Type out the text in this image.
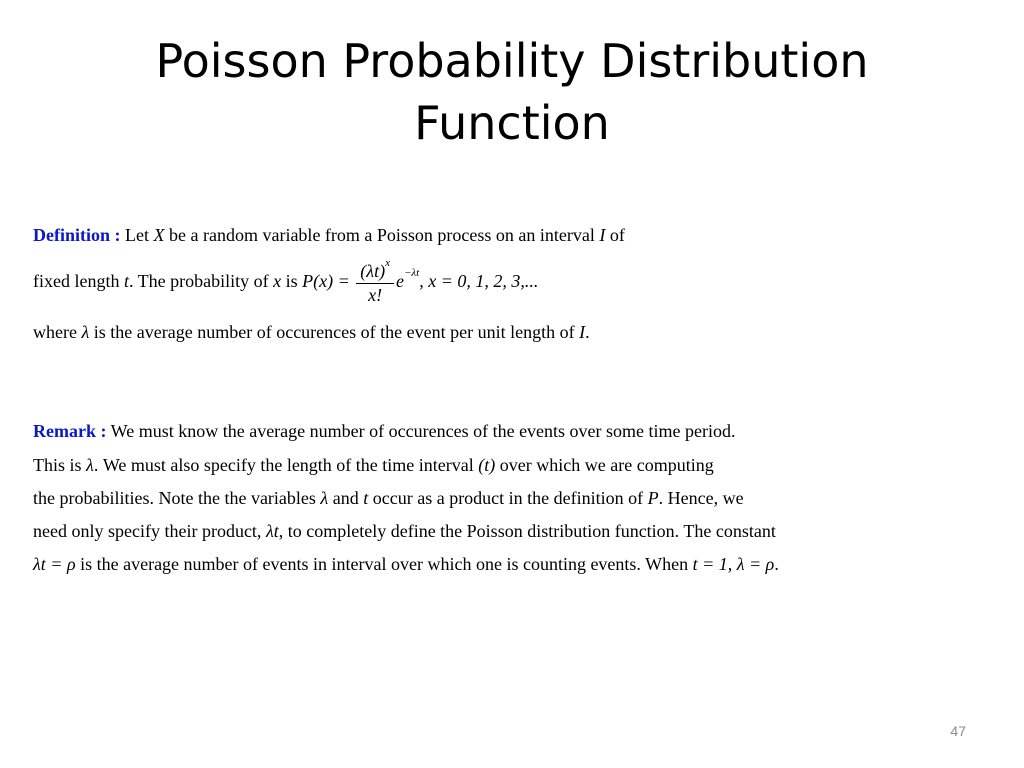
Poisson Probability Distribution
Function
Definition : Let X be a random variable from a Poisson process on an interval I of
fixed length t. The probability of x is $P(x) = \frac{(\lambda t)^x}{x!} e^{-\lambda t}$, x = 0, 1, 2, 3,...
where λ is the average number of occurences of the event per unit length of I.
Remark : We must know the average number of occurences of the events over some time period.
This is λ. We must also specify the length of the time interval (t) over which we are computing
the probabilities. Note the the variables λ and t occur as a product in the definition of P. Hence, we
need only specify their product, λt, to completely define the Poisson distribution function. The constant
λt = ρ is the average number of events in interval over which one is counting events. When t = 1, λ = ρ.
47
